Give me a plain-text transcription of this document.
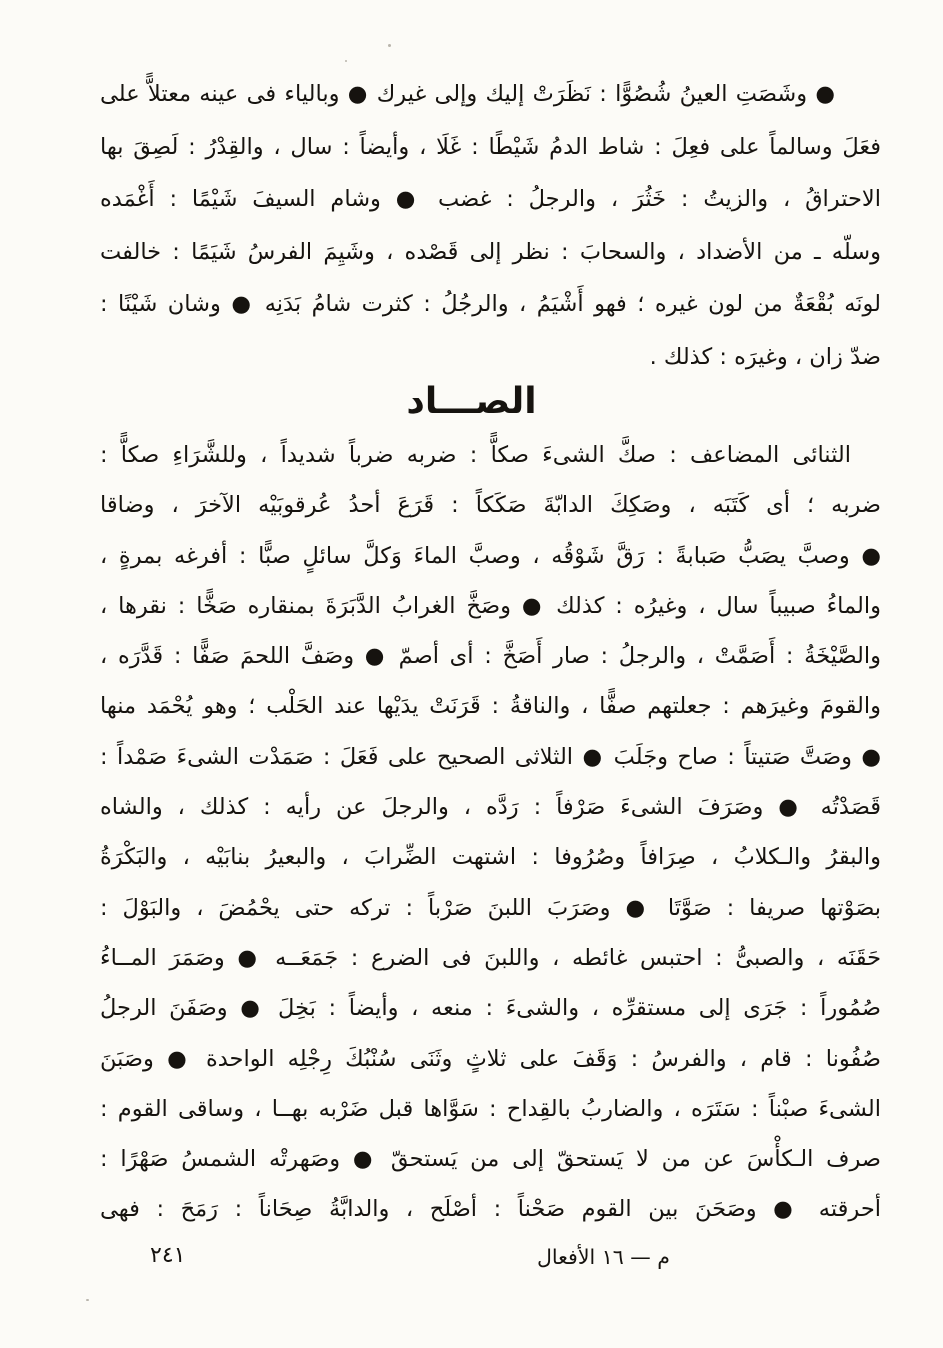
● وشَصَتِ العينُ شُصُوًّا : نَظَرَتْ إليك وإلى غيرك ● وبالياء فى عينه معتلاًّ على
فعَلَ وسالماً على فعِلَ : شاط الدمُ شَيْطًا : غَلَا ، وأيضاً : سال ، والقِدْرُ : لَصِقَ بها
الاحتراقُ ، والزيتُ : خَثُرَ ، والرجلُ : غضب ● وشام السيفَ شَيْمًا : أَغْمَده
وسلّه ـ من الأضداد ، والسحابَ : نظر إلى قَصْده ، وشَيِمَ الفرسُ شَيَمًا : خالفت
لونَه بُقْعَةٌ من لون غيره ؛ فهو أَشْيَمُ ، والرجُلُ : كثرت شامُ بَدَنِه ● وشان شَيْنًا :
ضدّ زان ، وغيرَه : كذلك .
الصـــاد
الثنائى المضاعف : صكَّ الشىءَ صكاًّ : ضربه ضرباً شديداً ، وللشَّرَاءِ صكاًّ :
ضربه ؛ أى كَتَبَه ، وصَكِكَ الدابّةَ صَكَكاً : قَرَعَ أحدُ عُرقوبَيْه الآخرَ ، وضاقا
● وصبَّ يصَبُّ صَبابةً : رَقَّ شَوْقُه ، وصبَّ الماءَ وَكلَّ سائلٍ صبًّا : أفرغه بمرةٍ ،
والماءُ صبيباً سال ، وغيرُه : كذلك ● وصَخَّ الغرابُ الدَّبَرَةَ بمنقاره صَخًّا : نقرها ،
والصَّيْخَةُ : أَصَمَّتْ ، والرجلُ : صار أَصَخَّ : أى أصمّ ● وصَفَّ اللحمَ صَفًّا : قَدَّرَه ،
والقومَ وغيرَهم : جعلتهم صفًّا ، والناقةُ : قَرَنَتْ يدَيْها عند الحَلْب ؛ وهو يُحْمَد منها
● وصَتَّ صَتيتاً : صاح وجَلَبَ ● الثلاثى الصحيح على فَعَلَ : صَمَدْت الشىءَ صَمْداً :
قَصَدْتُه ● وصَرَفَ الشىءَ صَرْفاً : رَدَّه ، والرجلَ عن رأيه : كذلك ، والشاه
والبقرُ والـكلابُ ، صِرَافاً وصُرُوفا : اشتهت الضِّرابَ ، والبعيرُ بنابَيْه ، والبَكْرَةُ
بصَوْتها صريفا : صَوَّتَا ● وصَرَبَ اللبنَ صَرْباً : تركه حتى يحْمُضَ ، والبَوْلَ :
حَقَنَه ، والصبىُّ : احتبس غائطه ، واللبنَ فى الضرع : جَمَعَــه ● وصَمَرَ المــاءُ
صُمُوراً : جَرَى إلى مستقرِّه ، والشىءَ : منعه ، وأيضاً : بَخِلَ ● وصَفَنَ الرجلُ
صُفُونا : قام ، والفرسُ : وَقَفَ على ثلاثٍ وثَنَى سُنْبُكَ رِجْلِه الواحدة ● وصَبَنَ
الشىءَ صبْناً : سَتَرَه ، والضاربُ بالقِداح : سَوَّاها قبل ضَرْبه بهــا ، وساقى القوم :
صرف الـكأْسَ عن من لا يَستحقّ إلى من يَستحقّ ● وصَهرتْه الشمسُ صَهْرًا :
أحرقته ● وصَحَنَ بين القوم صَحْناً : أصْلَح ، والدابَّةُ صِحَاناً : رَمَحَ : فهى
٢٤١	م — ١٦ الأفعال
